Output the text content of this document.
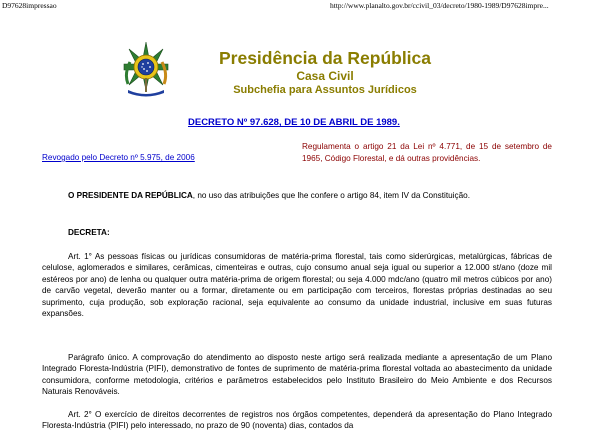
D97628impressao	http://www.planalto.gov.br/ccivil_03/decreto/1980-1989/D97628impre...
Presidência da República
Casa Civil
Subchefia para Assuntos Jurídicos
DECRETO Nº 97.628, DE 10 DE ABRIL DE 1989.
Revogado pelo Decreto nº 5.975, de 2006
Regulamenta o artigo 21 da Lei nº 4.771, de 15 de setembro de 1965, Código Florestal, e dá outras providências.
O PRESIDENTE DA REPÚBLICA, no uso das atribuições que lhe confere o artigo 84, item IV da Constituição.
DECRETA:
Art. 1° As pessoas físicas ou jurídicas consumidoras de matéria-prima florestal, tais como siderúrgicas, metalúrgicas, fábricas de celulose, aglomerados e similares, cerâmicas, cimenteiras e outras, cujo consumo anual seja igual ou superior a 12.000 st/ano (doze mil estéreos por ano) de lenha ou qualquer outra matéria-prima de origem florestal; ou seja 4.000 mdc/ano (quatro mil metros cúbicos por ano) de carvão vegetal, deverão manter ou a formar, diretamente ou em participação com terceiros, florestas próprias destinadas ao seu suprimento, cuja produção, sob exploração racional, seja equivalente ao consumo da unidade industrial, inclusive em suas futuras expansões.
Parágrafo único. A comprovação do atendimento ao disposto neste artigo será realizada mediante a apresentação de um Plano Integrado Floresta-Indústria (PIFI), demonstrativo de fontes de suprimento de matéria-prima florestal voltada ao abastecimento da unidade consumidora, conforme metodologia, critérios e parâmetros estabelecidos pelo Instituto Brasileiro do Meio Ambiente e dos Recursos Naturais Renováveis.
Art. 2° O exercício de direitos decorrentes de registros nos órgãos competentes, dependerá da apresentação do Plano Integrado Floresta-Indústria (PIFI) pelo interessado, no prazo de 90 (noventa) dias, contados da
